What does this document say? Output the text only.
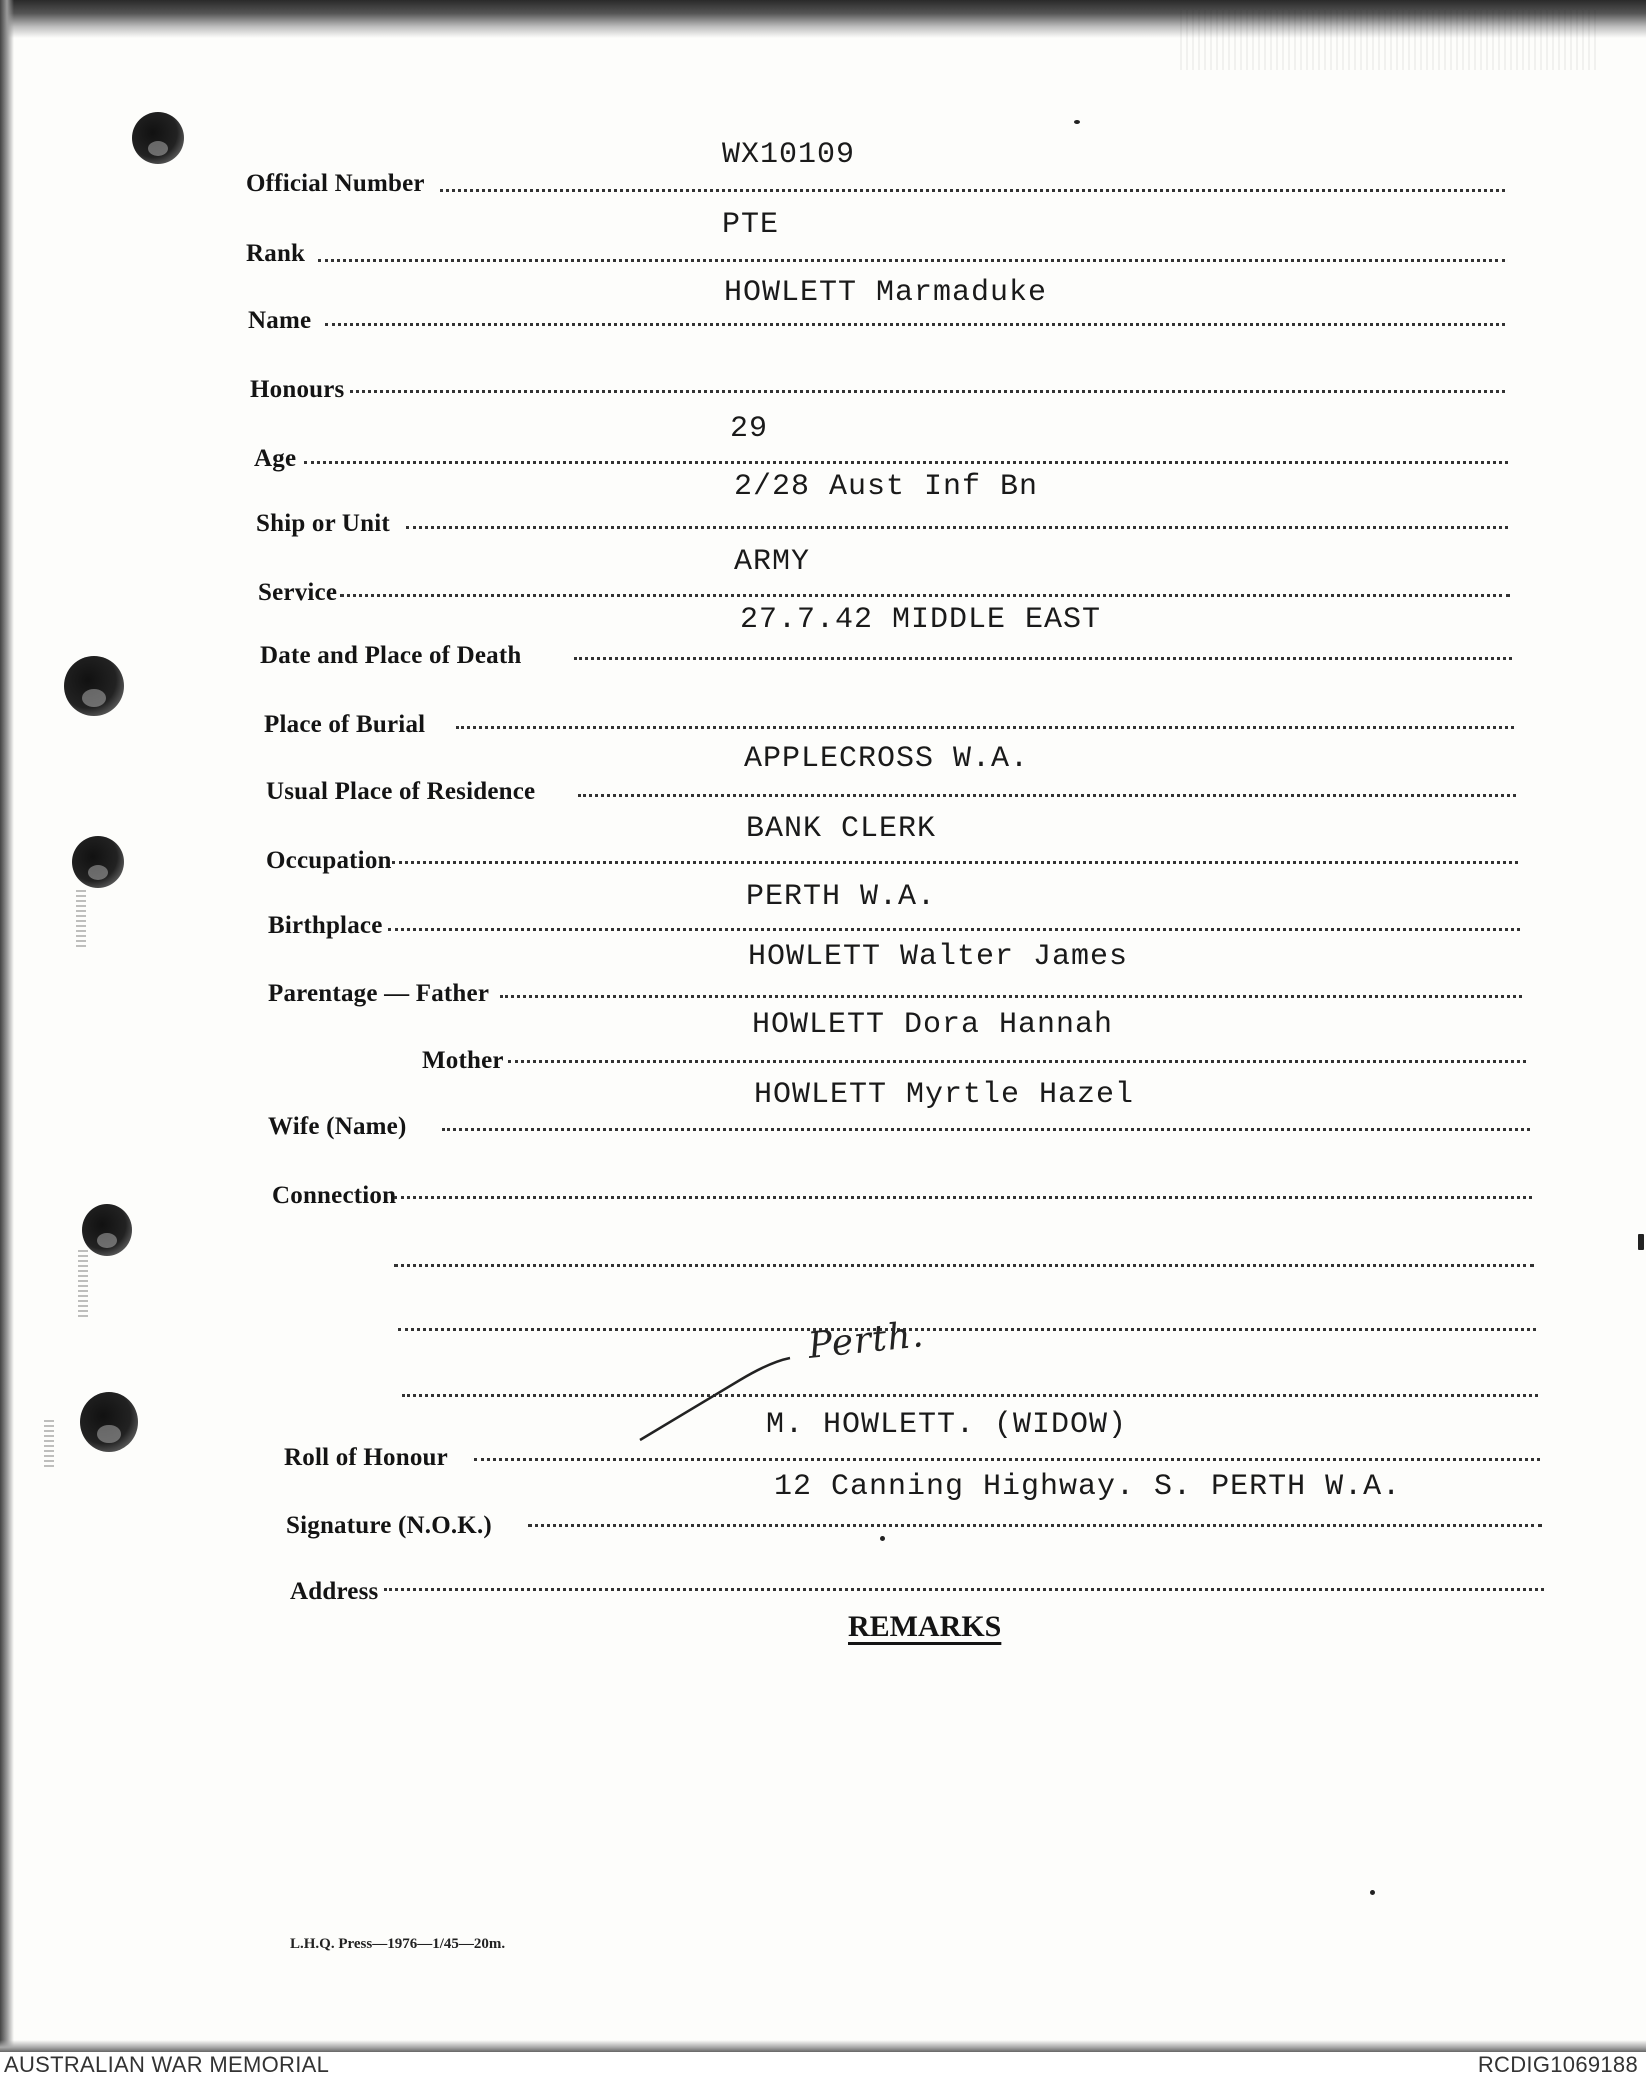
Official Number
WX10109
Rank
PTE
Name
HOWLETT Marmaduke
Honours
Age
29
Ship or Unit
2/28 Aust Inf Bn
Service
ARMY
Date and Place of Death
27.7.42 MIDDLE EAST
Place of Burial
Usual Place of Residence
APPLECROSS W.A.
Occupation
BANK CLERK
Birthplace
PERTH W.A.
Parentage — Father
HOWLETT Walter James
Mother
HOWLETT Dora Hannah
Wife (Name)
HOWLETT Myrtle Hazel
Connection
Roll of Honour
M. HOWLETT. (WIDOW)
Signature (N.O.K.)
12 Canning Highway. S. PERTH W.A.
Address
Perth.
REMARKS
L.H.Q. Press—1976—1/45—20m.
AUSTRALIAN WAR MEMORIAL	RCDIG1069188
